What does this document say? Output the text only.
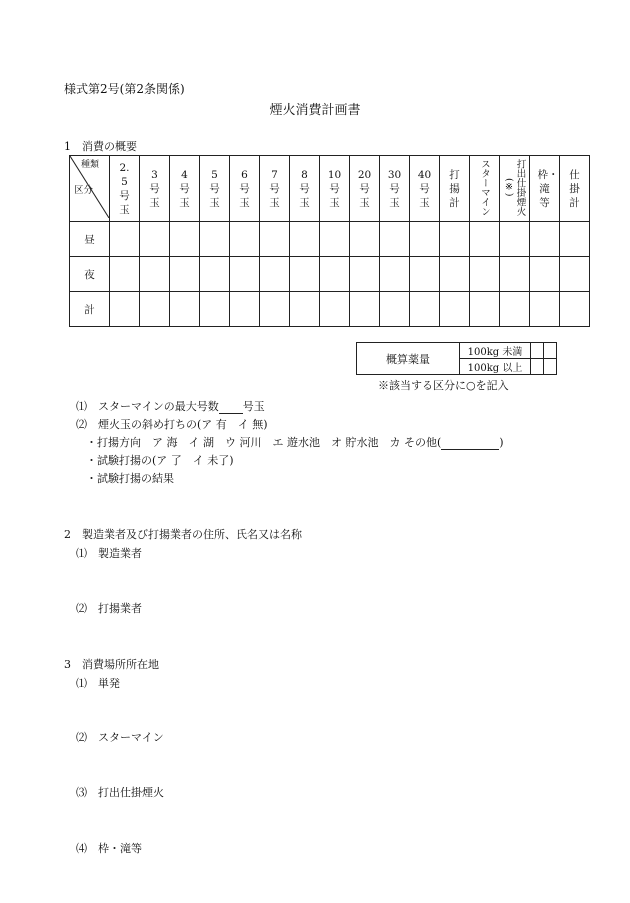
様式第2号(第2条関係)
煙火消費計画書
1　消費の概要
種類
区分	2.5号玉	3号玉	4号玉	5号玉	6号玉	7号玉	8号玉	10号玉	20号玉	30号玉	40号玉	打揚計	スターマイン	打出仕掛煙火(※)	枠・滝等	仕掛計
昼																
夜																
計																
概算薬量	100kg 未満		
	100kg 以上		
※該当する区分に○を記入
⑴　スターマインの最大号数 号玉
⑵　煙火玉の斜め打ちの(ア 有　イ 無)
・打揚方向　ア 海　イ 湖　ウ 河川　エ 遊水池　オ 貯水池　カ その他(	)
・試験打揚の(ア 了　イ 未了)
・試験打揚の結果
2　製造業者及び打揚業者の住所、氏名又は名称
⑴　製造業者
⑵　打揚業者
3　消費場所所在地
⑴　単発
⑵　スターマイン
⑶　打出仕掛煙火
⑷　枠・滝等
